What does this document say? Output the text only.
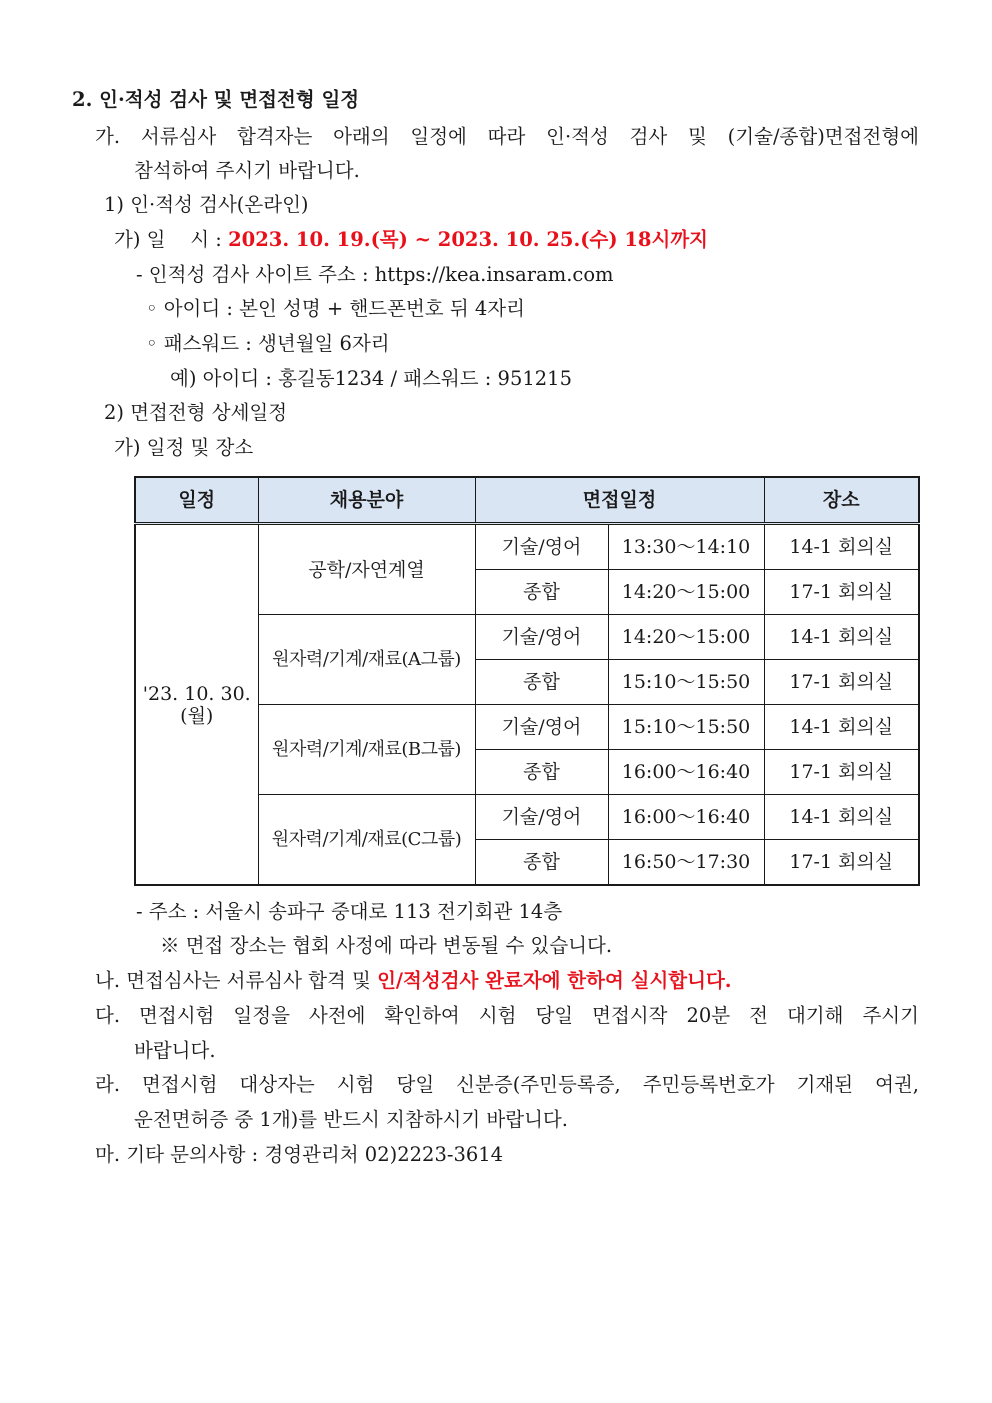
2. 인·적성 검사 및 면접전형 일정
가. 서류심사 합격자는 아래의 일정에 따라 인·적성 검사 및 (기술/종합)면접전형에
참석하여 주시기 바랍니다.
1) 인·적성 검사(온라인)
가) 일    시 : 2023. 10. 19.(목) ~ 2023. 10. 25.(수) 18시까지
- 인적성 검사 사이트 주소 : https://kea.insaram.com
◦ 아이디 : 본인 성명 + 핸드폰번호 뒤 4자리
◦ 패스워드 : 생년월일 6자리
예) 아이디 : 홍길동1234 / 패스워드 : 951215
2) 면접전형 상세일정
가) 일정 및 장소
일정	채용분야	면접일정		장소

'23. 10. 30.
(월)	공학/자연계열	기술/영어	13:30～14:10	14-1 회의실
		종합	14:20～15:00	17-1 회의실
	원자력/기계/재료(A그룹)	기술/영어	14:20～15:00	14-1 회의실
		종합	15:10～15:50	17-1 회의실
	원자력/기계/재료(B그룹)	기술/영어	15:10～15:50	14-1 회의실
		종합	16:00～16:40	17-1 회의실
	원자력/기계/재료(C그룹)	기술/영어	16:00～16:40	14-1 회의실
		종합	16:50～17:30	17-1 회의실
- 주소 : 서울시 송파구 중대로 113 전기회관 14층
※ 면접 장소는 협회 사정에 따라 변동될 수 있습니다.
나. 면접심사는 서류심사 합격 및 인/적성검사 완료자에 한하여 실시합니다.
다. 면접시험 일정을 사전에 확인하여 시험 당일 면접시작 20분 전 대기해 주시기
바랍니다.
라. 면접시험 대상자는 시험 당일 신분증(주민등록증, 주민등록번호가 기재된 여권,
운전면허증 중 1개)를 반드시 지참하시기 바랍니다.
마. 기타 문의사항 : 경영관리처 02)2223-3614
